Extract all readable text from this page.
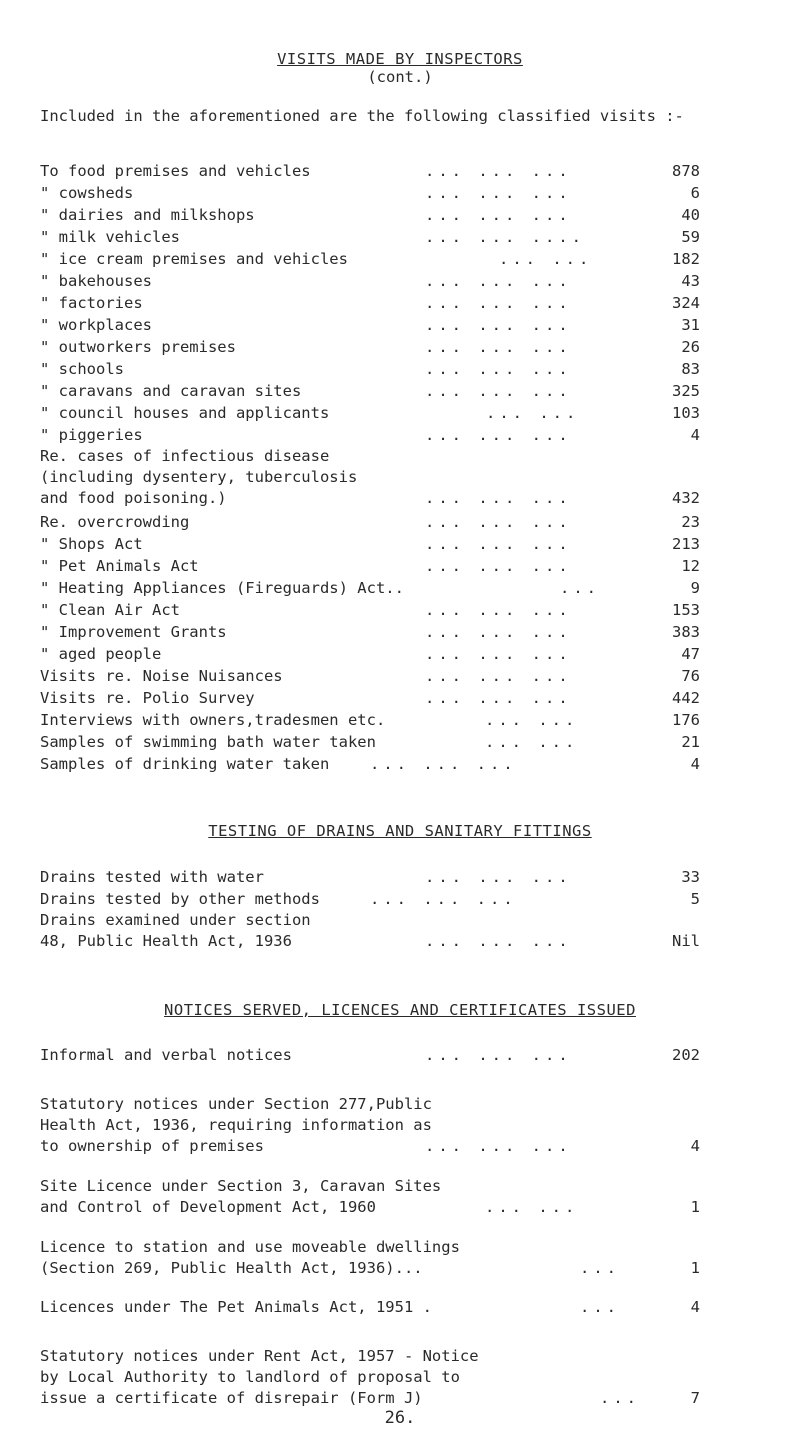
VISITS MADE BY INSPECTORS
(cont.)

Included in the aforementioned are the following classified visits :-

... ... ...
To food premises and vehicles	878
... ... ...
" cowsheds	6
... ... ...
" dairies and milkshops	40
... ... ....
" milk vehicles	59
... ...
" ice cream premises and vehicles	182
... ... ...
" bakehouses	43
... ... ...
" factories	324
... ... ...
" workplaces	31
... ... ...
" outworkers premises	26
... ... ...
" schools	83
... ... ...
" caravans and caravan sites	325
... ...
" council houses and applicants	103
... ... ...
" piggeries	4
Re. cases of infectious disease
(including dysentery, tuberculosis
and food poisoning.)	... ... ...	432
... ... ...
Re. overcrowding	23
... ... ...
" Shops Act	213
... ... ...
" Pet Animals Act	12
...
" Heating Appliances (Fireguards) Act..	9
... ... ...
" Clean Air Act	153
... ... ...
" Improvement Grants	383
... ... ...
" aged people	47
... ... ...
Visits re. Noise Nuisances	76
... ... ...
Visits re. Polio Survey	442
... ...
Interviews with owners,tradesmen etc.	176
... ...
Samples of swimming bath water taken	21
... ... ...
Samples of drinking water taken	4
TESTING OF DRAINS AND SANITARY FITTINGS
... ... ...
Drains tested with water	33
... ... ...
Drains tested by other methods	5
Drains examined under section
48, Public Health Act, 1936	... ... ...	Nil
NOTICES SERVED, LICENCES AND CERTIFICATES ISSUED
... ... ...
Informal and verbal notices	202
Statutory notices under Section 277,Public
Health Act, 1936, requiring information as
to ownership of premises	... ... ...	4
Site Licence under Section 3, Caravan Sites
and Control of Development Act, 1960	... ...	1
Licence to station and use moveable dwellings
(Section 269, Public Health Act, 1936)...	...	1
...
Licences under The Pet Animals Act, 1951 .	4
Statutory notices under Rent Act, 1957 - Notice
by Local Authority to landlord of proposal to
issue a certificate of disrepair (Form J)	...	7
26.
